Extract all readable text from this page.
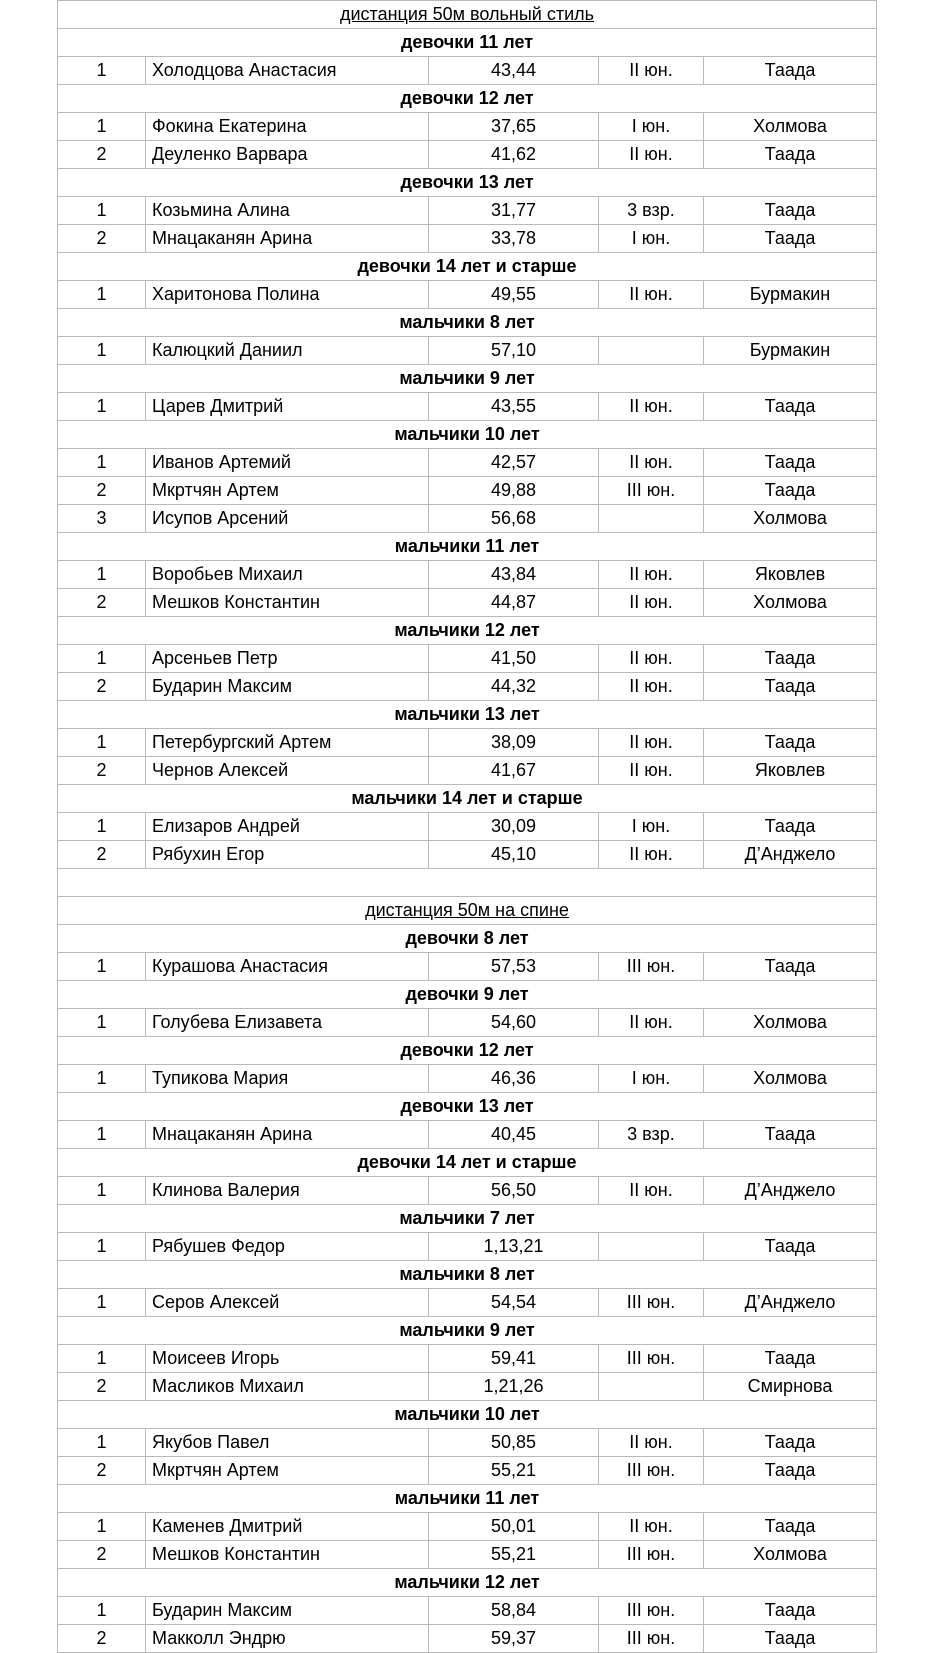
дистанция 50м вольный стиль				
девочки 11 лет				
1	Холодцова Анастасия	43,44	II юн.	Таада
девочки 12 лет				
1	Фокина Екатерина	37,65	I юн.	Холмова
2	Деуленко Варвара	41,62	II юн.	Таада
девочки 13 лет				
1	Козьмина Алина	31,77	3 взр.	Таада
2	Мнацаканян Арина	33,78	I юн.	Таада
девочки 14 лет и старше				
1	Харитонова Полина	49,55	II юн.	Бурмакин
мальчики 8 лет				
1	Калюцкий Даниил	57,10		Бурмакин
мальчики 9 лет				
1	Царев Дмитрий	43,55	II юн.	Таада
мальчики 10 лет				
1	Иванов Артемий	42,57	II юн.	Таада
2	Мкртчян Артем	49,88	III юн.	Таада
3	Исупов Арсений	56,68		Холмова
мальчики 11 лет				
1	Воробьев Михаил	43,84	II юн.	Яковлев
2	Мешков Константин	44,87	II юн.	Холмова
мальчики 12 лет				
1	Арсеньев Петр	41,50	II юн.	Таада
2	Бударин Максим	44,32	II юн.	Таада
мальчики 13 лет				
1	Петербургский Артем	38,09	II юн.	Таада
2	Чернов Алексей	41,67	II юн.	Яковлев
мальчики 14 лет и старше				
1	Елизаров Андрей	30,09	I юн.	Таада
2	Рябухин Егор	45,10	II юн.	Д’Анджело

дистанция 50м на спине				
девочки 8 лет				
1	Курашова Анастасия	57,53	III юн.	Таада
девочки 9 лет				
1	Голубева Елизавета	54,60	II юн.	Холмова
девочки 12 лет				
1	Тупикова Мария	46,36	I юн.	Холмова
девочки 13 лет				
1	Мнацаканян Арина	40,45	3 взр.	Таада
девочки 14 лет и старше				
1	Клинова Валерия	56,50	II юн.	Д’Анджело
мальчики 7 лет				
1	Рябушев Федор	1,13,21		Таада
мальчики 8 лет				
1	Серов Алексей	54,54	III юн.	Д’Анджело
мальчики 9 лет				
1	Моисеев Игорь	59,41	III юн.	Таада
2	Масликов Михаил	1,21,26		Смирнова
мальчики 10 лет				
1	Якубов Павел	50,85	II юн.	Таада
2	Мкртчян Артем	55,21	III юн.	Таада
мальчики 11 лет				
1	Каменев Дмитрий	50,01	II юн.	Таада
2	Мешков Константин	55,21	III юн.	Холмова
мальчики 12 лет				
1	Бударин Максим	58,84	III юн.	Таада
2	Макколл Эндрю	59,37	III юн.	Таада
